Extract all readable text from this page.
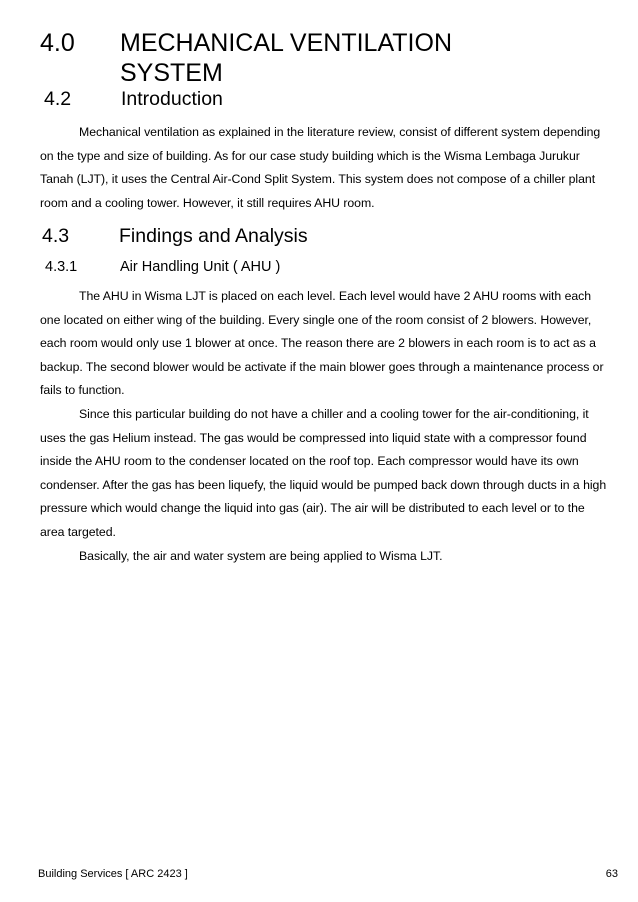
4.0 MECHANICAL VENTILATION
SYSTEM
4.2	Introduction
Mechanical ventilation as explained in the literature review, consist of different system depending on the type and size of building. As for our case study building which is the Wisma Lembaga Jurukur Tanah (LJT), it uses the Central Air-Cond Split System. This system does not compose of a chiller plant room and a cooling tower. However, it still requires AHU room.
4.3	Findings and Analysis
4.3.1	Air Handling Unit ( AHU )
The AHU in Wisma LJT is placed on each level. Each level would have 2 AHU rooms with each one located on either wing of the building. Every single one of the room consist of 2 blowers. However, each room would only use 1 blower at once. The reason there are 2 blowers in each room is to act as a backup. The second blower would be activate if the main blower goes through a maintenance process or fails to function.
Since this particular building do not have a chiller and a cooling tower for the air-conditioning, it uses the gas Helium instead. The gas would be compressed into liquid state with a compressor found inside the AHU room to the condenser located on the roof top. Each compressor would have its own condenser. After the gas has been liquefy, the liquid would be pumped back down through ducts in a high pressure which would change the liquid into gas (air). The air will be distributed to each level or to the area targeted.
Basically, the air and water system are being applied to Wisma LJT.
Building Services [ ARC 2423 ]	63
